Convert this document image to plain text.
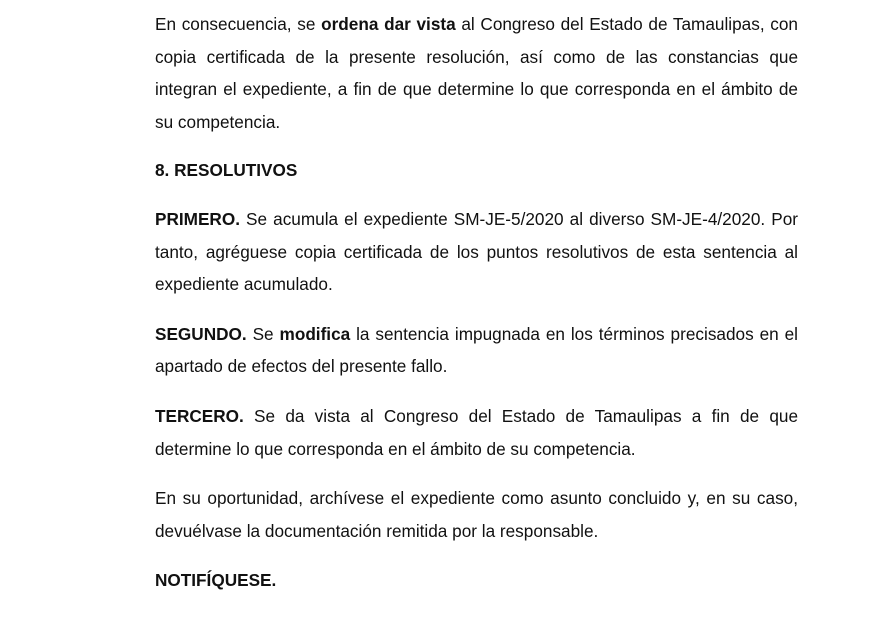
En consecuencia, se ordena dar vista al Congreso del Estado de Tamaulipas, con copia certificada de la presente resolución, así como de las constancias que integran el expediente, a fin de que determine lo que corresponda en el ámbito de su competencia.

8. RESOLUTIVOS

PRIMERO. Se acumula el expediente SM-JE-5/2020 al diverso SM-JE-4/2020. Por tanto, agréguese copia certificada de los puntos resolutivos de esta sentencia al expediente acumulado.

SEGUNDO. Se modifica la sentencia impugnada en los términos precisados en el apartado de efectos del presente fallo.

TERCERO. Se da vista al Congreso del Estado de Tamaulipas a fin de que determine lo que corresponda en el ámbito de su competencia.

En su oportunidad, archívese el expediente como asunto concluido y, en su caso, devuélvase la documentación remitida por la responsable.

NOTIFÍQUESE.
